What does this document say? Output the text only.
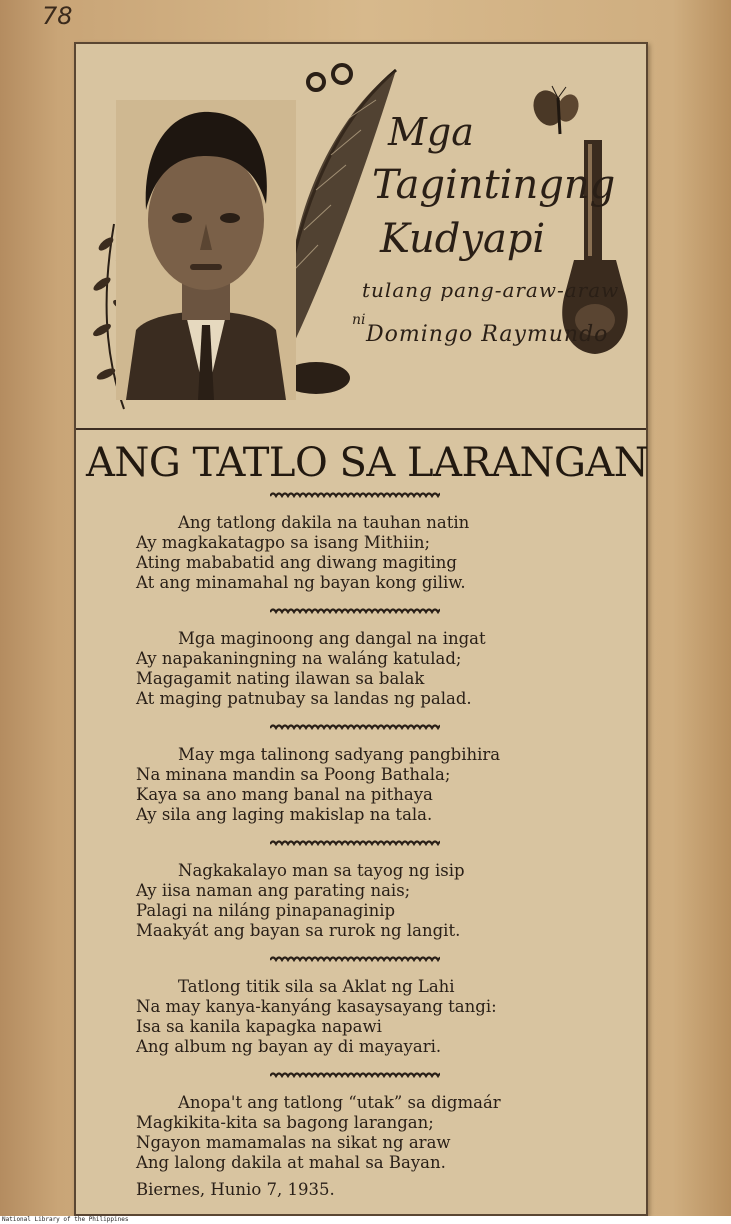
78
Mga
Tagintingng
Kudyapi
tulang pang-araw-araw
ni
Domingo Raymundo
ANG TATLO SA LARANGAN
Ang tatlong dakila na tauhan natin
Ay magkakatagpo sa isang Mithiin;
Ating mababatid ang diwang magiting
At ang minamahal ng bayan kong giliw.
Mga maginoong ang dangal na ingat
Ay napakaningning na waláng katulad;
Magagamit nating ilawan sa balak
At maging patnubay sa landas ng palad.
May mga talinong sadyang pangbihira
Na minana mandin sa Poong Bathala;
Kaya sa ano mang banal na pithaya
Ay sila ang laging makislap na tala.
Nagkakalayo man sa tayog ng isip
Ay iisa naman ang parating nais;
Palagi na niláng pinapanaginip
Maakyát ang bayan sa rurok ng langit.
Tatlong titik sila sa Aklat ng Lahi
Na may kanya-kanyáng kasaysayang tangi:
Isa sa kanila kapagka napawi
Ang album ng bayan ay di mayayari.
Anopa't ang tatlong “utak” sa digmaár
Magkikita-kita sa bagong larangan;
Ngayon mamamalas na sikat ng araw
Ang lalong dakila at mahal sa Bayan.
Biernes, Hunio 7, 1935.
National Library of the Philippines
